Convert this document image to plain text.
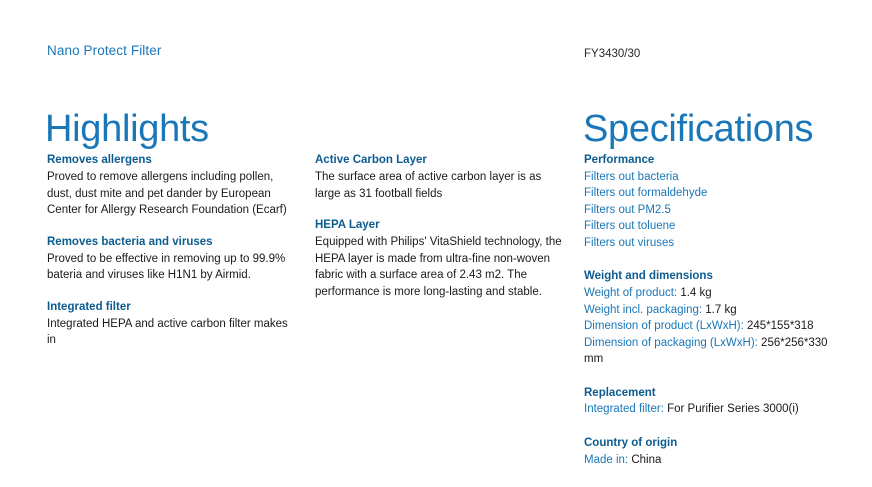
Nano Protect Filter
Highlights
FY3430/30
Specifications
Removes allergens
Proved to remove allergens including pollen, dust, dust mite and pet dander by European Center for Allergy Research Foundation (Ecarf)
Removes bacteria and viruses
Proved to be effective in removing up to 99.9% bateria and viruses like H1N1 by Airmid.
Integrated filter
Integrated HEPA and active carbon filter makes in
Active Carbon Layer
The surface area of active carbon layer is as large as 31 football fields
HEPA Layer
Equipped with Philips' VitaShield technology, the HEPA layer is made from ultra-fine non-woven fabric with a surface area of 2.43 m2. The performance is more long-lasting and stable.
Performance
Filters out bacteria
Filters out formaldehyde
Filters out PM2.5
Filters out toluene
Filters out viruses
Weight and dimensions
Weight of product: 1.4 kg
Weight incl. packaging: 1.7 kg
Dimension of product (LxWxH): 245*155*318
Dimension of packaging (LxWxH): 256*256*330 mm
Replacement
Integrated filter: For Purifier Series 3000(i)
Country of origin
Made in: China
